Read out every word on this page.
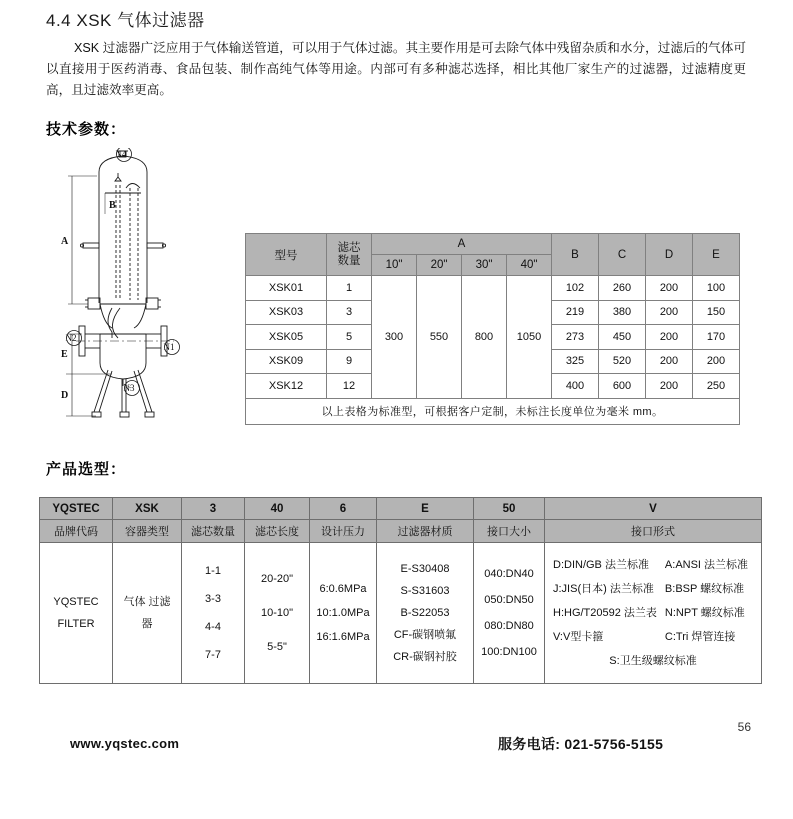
4.4 XSK 气体过滤器
XSK 过滤器广泛应用于气体输送管道，可以用于气体过滤。其主要作用是可去除气体中残留杂质和水分，过滤后的气体可以直接用于医药消毒、食品包装、制作高纯气体等用途。内部可有多种滤芯选择，相比其他厂家生产的过滤器，过滤精度更高，且过滤效率更高。
技术参数：
N4
N2
N1
N3
A
B
E
D
型号	滤芯
数量	A				B	C	D	E
		10"	20"	30"	40"				
XSK01	1	300	550	800	1050	102	260	200	100
XSK03	3					219	380	200	150
XSK05	5					273	450	200	170
XSK09	9					325	520	200	200
XSK12	12					400	600	200	250
以上表格为标准型，可根据客户定制，未标注长度单位为毫米 mm。									
产品选型：
YQSTEC	XSK	3	40	6	E	50	V
品牌代码	容器类型	滤芯数量	滤芯长度	设计压力	过滤器材质	接口大小	接口形式

YQSTEC
FILTER

气体 过滤
器

1-1
3-3
4-4
7-7

20-20"
10-10"
5-5"

6:0.6MPa
10:1.0MPa
16:1.6MPa

E-S30408
S-S31603
B-S22053
CF-碳钢喷氟
CR-碳钢衬胶

040:DN40
050:DN50
080:DN80
100:DN100

D:DIN/GB 法兰标准	A:ANSI 法兰标准
J:JIS(日本) 法兰标准	B:BSP 螺纹标准
H:HG/T20592 法兰表 N:NPT 螺纹标准
V:V型卡箍	C:Tri 焊管连接
S:卫生级螺纹标准
56
www.yqstec.com	服务电话: 021-5756-5155
